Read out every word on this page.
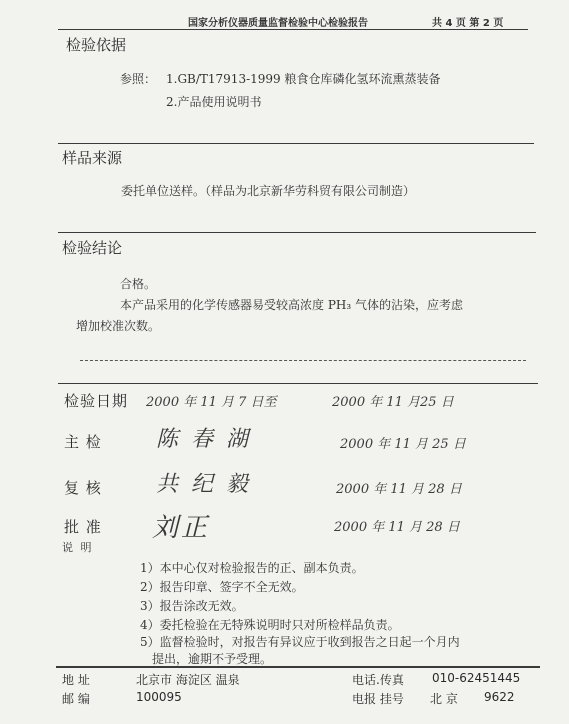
国家分析仪器质量监督检验中心检验报告	共 4 页 第 2 页
检验依据
参照： 1.GB/T17913-1999 粮食仓库磷化氢环流熏蒸装备
2.产品使用说明书
样品来源
委托单位送样。（样品为北京新华劳科贸有限公司制造）
检验结论
合格。
本产品采用的化学传感器易受较高浓度 PH₃ 气体的沾染，应考虑
增加校准次数。
检验日期 2000 年 11 月 7 日至	2000 年 11 月25 日
主 检 陈 春 湖	2000 年 11 月 25 日
复 核 共 纪 毅	2000 年 11 月 28 日
批 准 刘正	2000 年 11 月 28 日
说 明
1）本中心仅对检验报告的正、副本负责。
2）报告印章、签字不全无效。
3）报告涂改无效。
4）委托检验在无特殊说明时只对所检样品负责。
5）监督检验时，对报告有异议应于收到报告之日起一个月内
提出，逾期不予受理。
地 址	北京市 海淀区 温泉	电话.传真 010-62451445
邮 编	100095	电报 挂号 北 京 9622
